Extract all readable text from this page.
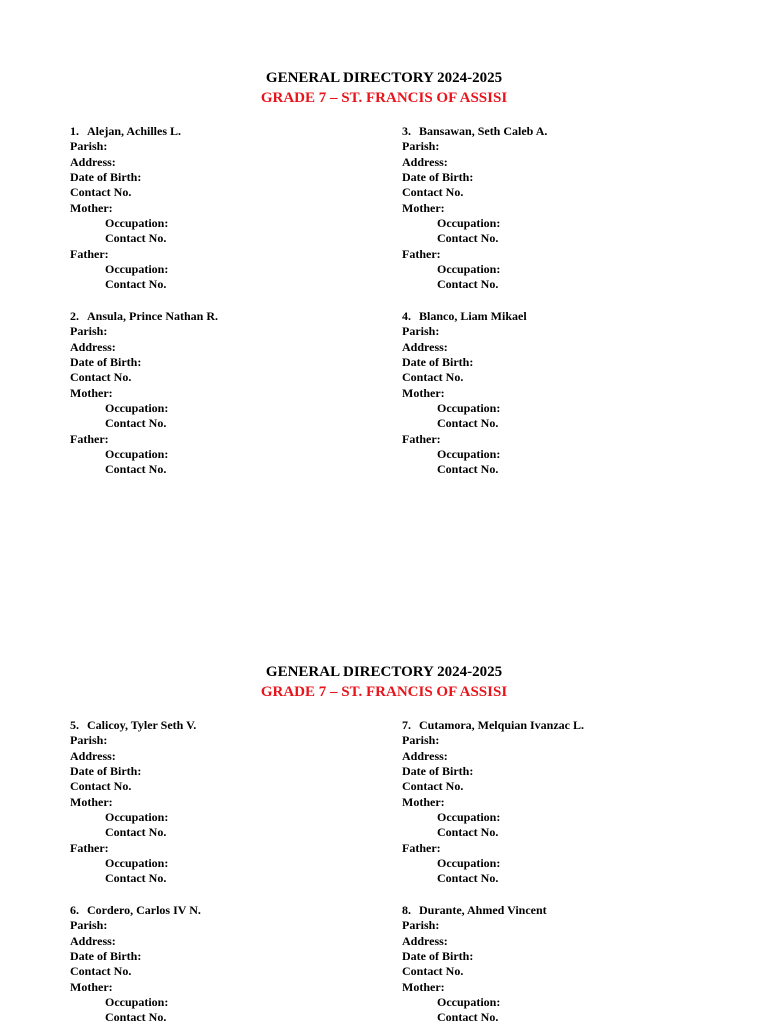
GENERAL DIRECTORY 2024-2025
GRADE 7 – ST. FRANCIS OF ASSISI
1. Alejan, Achilles L.
Parish:
Address:
Date of Birth:
Contact No.
Mother:
Occupation:
Contact No.
Father:
Occupation:
Contact No.
3. Bansawan, Seth Caleb A.
Parish:
Address:
Date of Birth:
Contact No.
Mother:
Occupation:
Contact No.
Father:
Occupation:
Contact No.
2. Ansula, Prince Nathan R.
Parish:
Address:
Date of Birth:
Contact No.
Mother:
Occupation:
Contact No.
Father:
Occupation:
Contact No.
4. Blanco, Liam Mikael
Parish:
Address:
Date of Birth:
Contact No.
Mother:
Occupation:
Contact No.
Father:
Occupation:
Contact No.
GENERAL DIRECTORY 2024-2025
GRADE 7 – ST. FRANCIS OF ASSISI
5. Calicoy, Tyler Seth V.
Parish:
Address:
Date of Birth:
Contact No.
Mother:
Occupation:
Contact No.
Father:
Occupation:
Contact No.
7. Cutamora, Melquian Ivanzac L.
Parish:
Address:
Date of Birth:
Contact No.
Mother:
Occupation:
Contact No.
Father:
Occupation:
Contact No.
6. Cordero, Carlos IV N.
Parish:
Address:
Date of Birth:
Contact No.
Mother:
Occupation:
Contact No.
8. Durante, Ahmed Vincent
Parish:
Address:
Date of Birth:
Contact No.
Mother:
Occupation:
Contact No.
